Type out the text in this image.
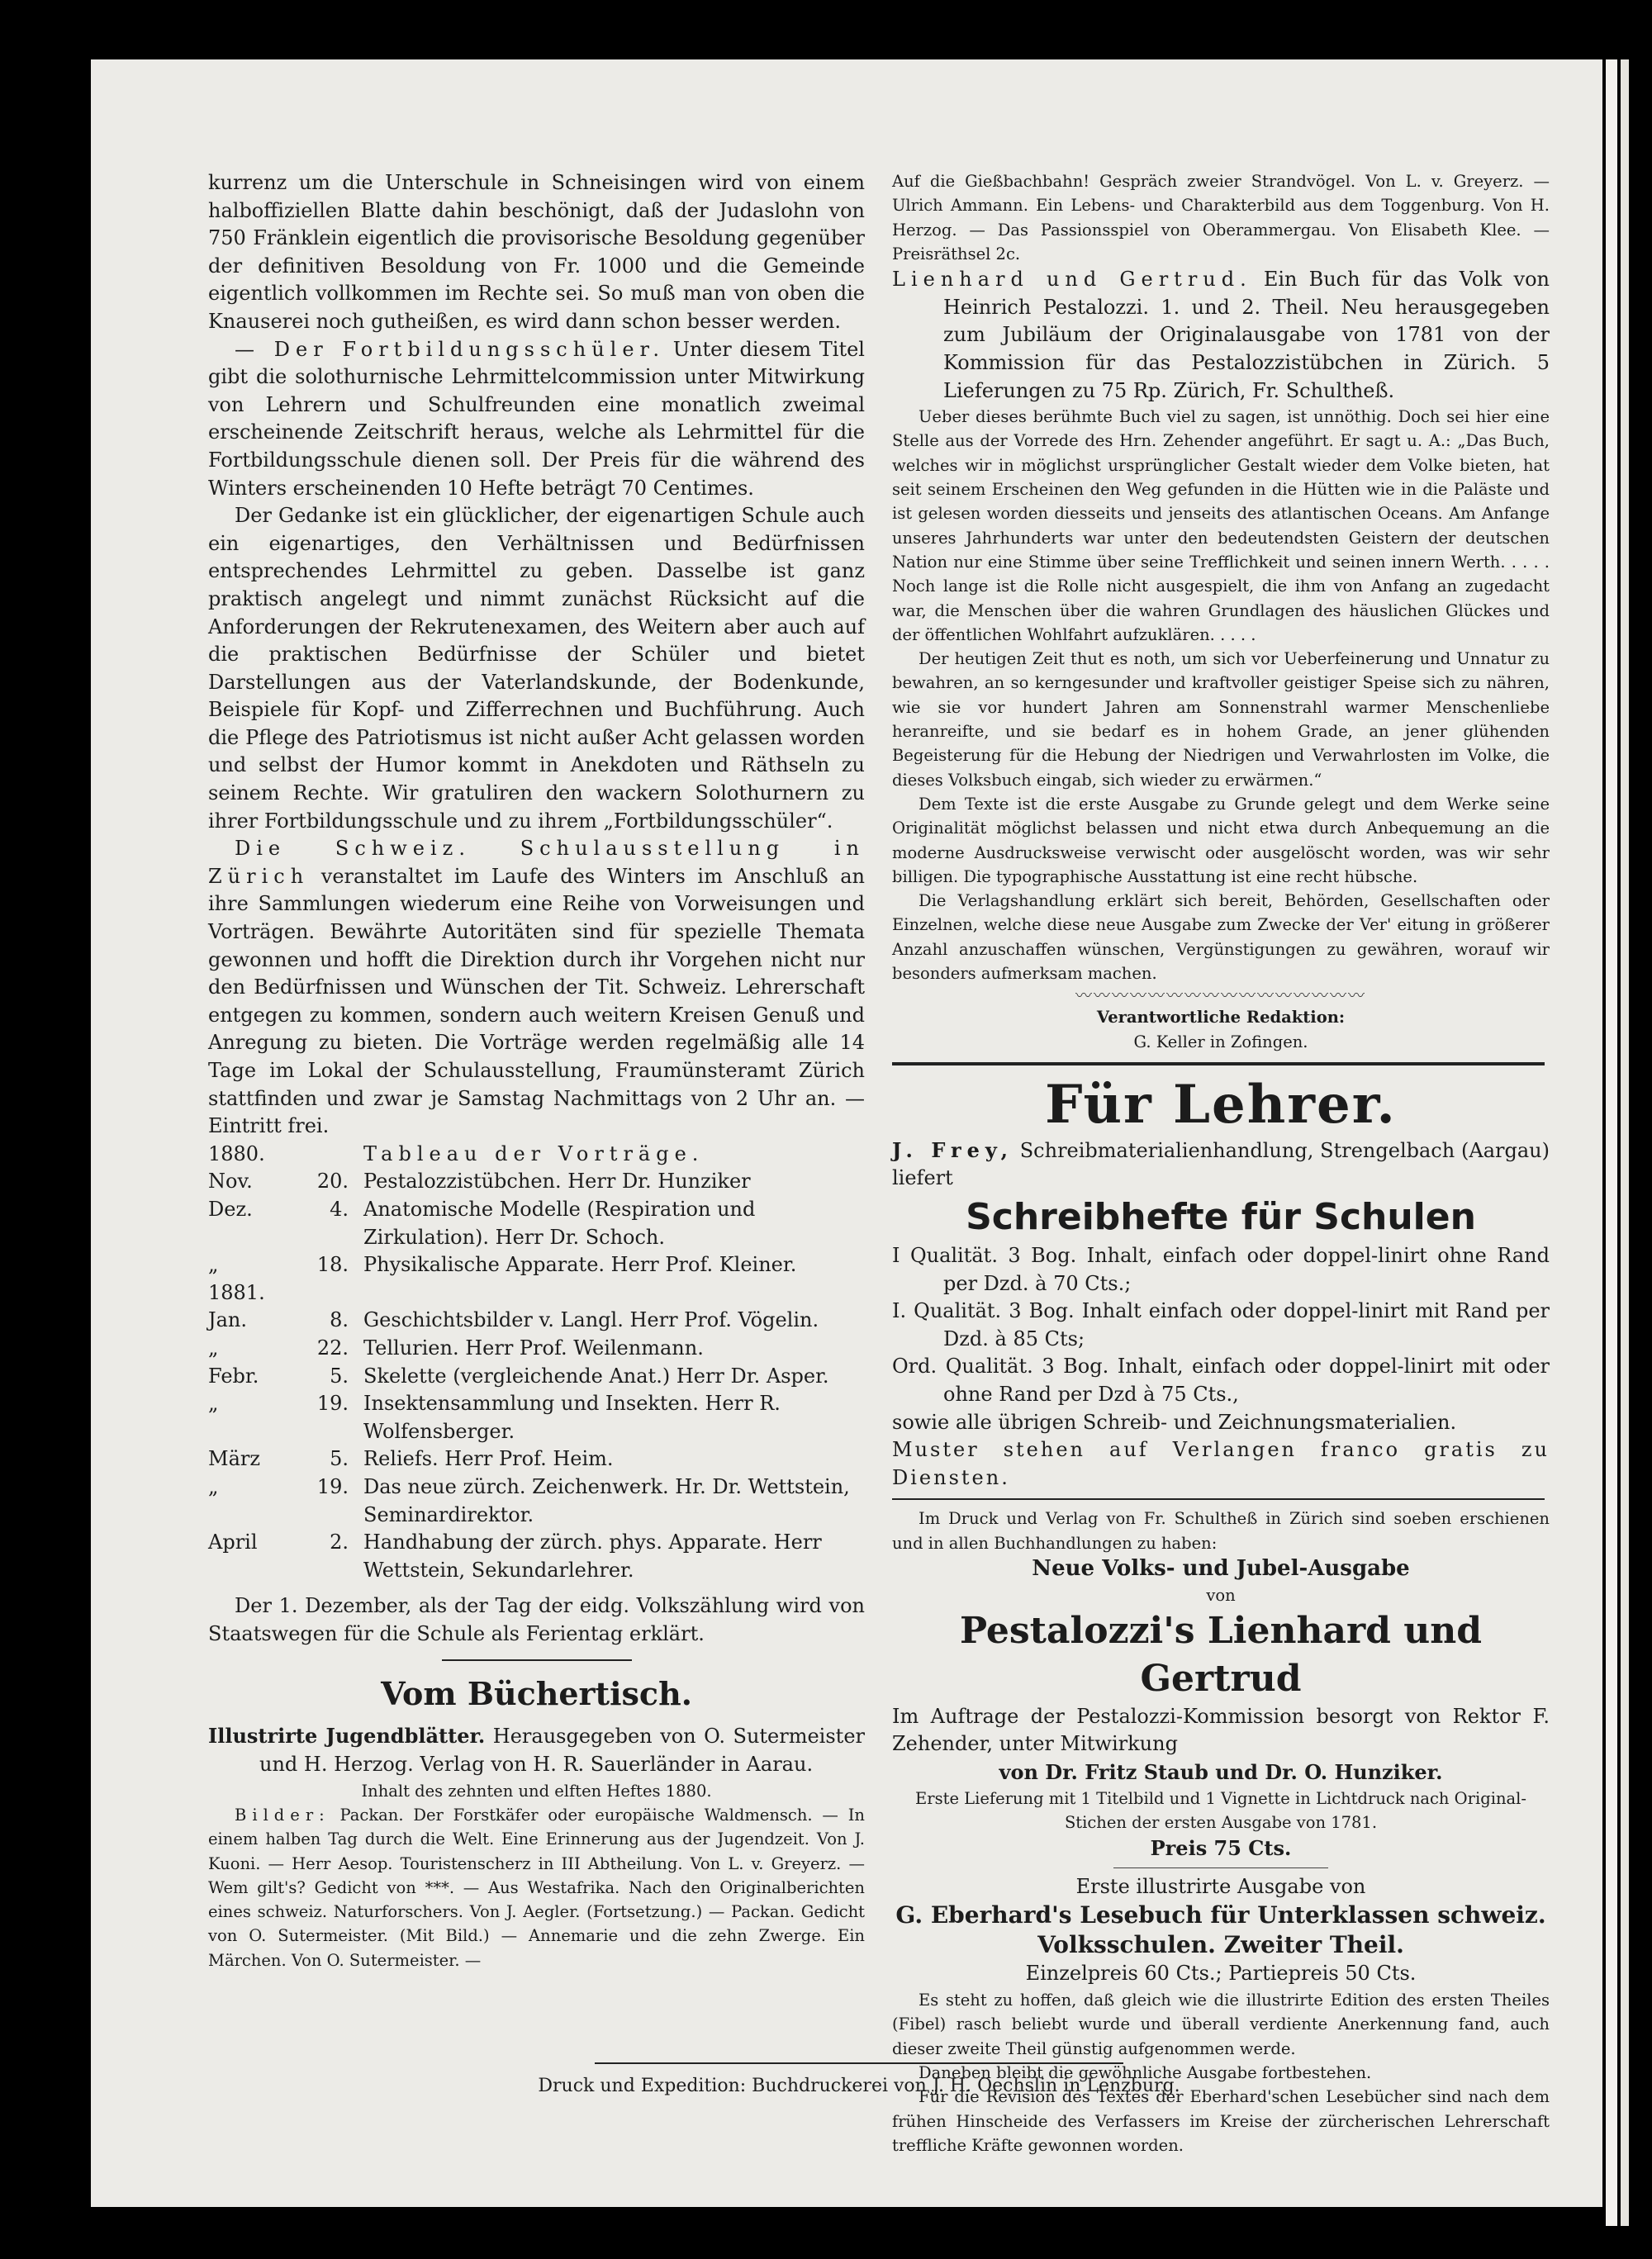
kurrenz um die Unterschule in Schneisingen wird von einem halboffiziellen Blatte dahin beschönigt, daß der Judaslohn von 750 Fränklein eigentlich die provisorische Besoldung gegenüber der definitiven Besoldung von Fr. 1000 und die Gemeinde eigentlich vollkommen im Rechte sei. So muß man von oben die Knauserei noch gutheißen, es wird dann schon besser werden.

— Der Fortbildungsschüler. Unter diesem Titel gibt die solothurnische Lehrmittelcommission unter Mitwirkung von Lehrern und Schulfreunden eine monatlich zweimal erscheinende Zeitschrift heraus, welche als Lehrmittel für die Fortbildungsschule dienen soll. Der Preis für die während des Winters erscheinenden 10 Hefte beträgt 70 Centimes.

Der Gedanke ist ein glücklicher, der eigenartigen Schule auch ein eigenartiges, den Verhältnissen und Bedürfnissen entsprechendes Lehrmittel zu geben. Dasselbe ist ganz praktisch angelegt und nimmt zunächst Rücksicht auf die Anforderungen der Rekrutenexamen, des Weitern aber auch auf die praktischen Bedürfnisse der Schüler und bietet Darstellungen aus der Vaterlandskunde, der Bodenkunde, Beispiele für Kopf- und Zifferrechnen und Buchführung. Auch die Pflege des Patriotismus ist nicht außer Acht gelassen worden und selbst der Humor kommt in Anekdoten und Räthseln zu seinem Rechte. Wir gratuliren den wackern Solothurnern zu ihrer Fortbildungsschule und zu ihrem „Fortbildungsschüler“.

Die Schweiz. Schulausstellung in Zürich veranstaltet im Laufe des Winters im Anschluß an ihre Sammlungen wiederum eine Reihe von Vorweisungen und Vorträgen. Bewährte Autoritäten sind für spezielle Themata gewonnen und hofft die Direktion durch ihr Vorgehen nicht nur den Bedürfnissen und Wünschen der Tit. Schweiz. Lehrerschaft entgegen zu kommen, sondern auch weitern Kreisen Genuß und Anregung zu bieten. Die Vorträge werden regelmäßig alle 14 Tage im Lokal der Schulausstellung, Fraumünsteramt Zürich stattfinden und zwar je Samstag Nachmittags von 2 Uhr an. — Eintritt frei.

1880.	Tableau der Vorträge.
Nov.	20. Pestalozzistübchen. Herr Dr. Hunziker
Dez.	4. Anatomische Modelle (Respiration und Zirkulation). Herr Dr. Schoch.
„	18. Physikalische Apparate. Herr Prof. Kleiner.
1881.
Jan.	8. Geschichtsbilder v. Langl. Herr Prof. Vögelin.
„	22. Tellurien. Herr Prof. Weilenmann.
Febr.	5. Skelette (vergleichende Anat.) Herr Dr. Asper.
„	19. Insektensammlung und Insekten. Herr R. Wolfensberger.
März	5. Reliefs. Herr Prof. Heim.
„	19. Das neue zürch. Zeichenwerk. Hr. Dr. Wettstein, Seminardirektor.
April	2. Handhabung der zürch. phys. Apparate. Herr Wettstein, Sekundarlehrer.

Der 1. Dezember, als der Tag der eidg. Volkszählung wird von Staatswegen für die Schule als Ferientag erklärt.

Vom Büchertisch.

Illustrirte Jugendblätter. Herausgegeben von O. Sutermeister und H. Herzog. Verlag von H. R. Sauerländer in Aarau.

Inhalt des zehnten und elften Heftes 1880.

Bilder: Packan. Der Forstkäfer oder europäische Waldmensch. — In einem halben Tag durch die Welt. Eine Erinnerung aus der Jugendzeit. Von J. Kuoni. — Herr Aesop. Touristenscherz in III Abtheilung. Von L. v. Greyerz. — Wem gilt's? Gedicht von ***. — Aus Westafrika. Nach den Originalberichten eines schweiz. Naturforschers. Von J. Aegler. (Fortsetzung.) — Packan. Gedicht von O. Sutermeister. (Mit Bild.) — Annemarie und die zehn Zwerge. Ein Märchen. Von O. Sutermeister. —

Auf die Gießbachbahn! Gespräch zweier Strandvögel. Von L. v. Greyerz. — Ulrich Ammann. Ein Lebens- und Charakterbild aus dem Toggenburg. Von H. Herzog. — Das Passionsspiel von Oberammergau. Von Elisabeth Klee. — Preisräthsel 2c.

Lienhard und Gertrud. Ein Buch für das Volk von Heinrich Pestalozzi. 1. und 2. Theil. Neu herausgegeben zum Jubiläum der Originalausgabe von 1781 von der Kommission für das Pestalozzistübchen in Zürich. 5 Lieferungen zu 75 Rp. Zürich, Fr. Schultheß.

Ueber dieses berühmte Buch viel zu sagen, ist unnöthig. Doch sei hier eine Stelle aus der Vorrede des Hrn. Zehender angeführt. Er sagt u. A.: „Das Buch, welches wir in möglichst ursprünglicher Gestalt wieder dem Volke bieten, hat seit seinem Erscheinen den Weg gefunden in die Hütten wie in die Paläste und ist gelesen worden diesseits und jenseits des atlantischen Oceans. Am Anfange unseres Jahrhunderts war unter den bedeutendsten Geistern der deutschen Nation nur eine Stimme über seine Trefflichkeit und seinen innern Werth. . . . . Noch lange ist die Rolle nicht ausgespielt, die ihm von Anfang an zugedacht war, die Menschen über die wahren Grundlagen des häuslichen Glückes und der öffentlichen Wohlfahrt aufzuklären. . . . .

Der heutigen Zeit thut es noth, um sich vor Ueberfeinerung und Unnatur zu bewahren, an so kerngesunder und kraftvoller geistiger Speise sich zu nähren, wie sie vor hundert Jahren am Sonnenstrahl warmer Menschenliebe heranreifte, und sie bedarf es in hohem Grade, an jener glühenden Begeisterung für die Hebung der Niedrigen und Verwahrlosten im Volke, die dieses Volksbuch eingab, sich wieder zu erwärmen.“

Dem Texte ist die erste Ausgabe zu Grunde gelegt und dem Werke seine Originalität möglichst belassen und nicht etwa durch Anbequemung an die moderne Ausdrucksweise verwischt oder ausgelöscht worden, was wir sehr billigen. Die typographische Ausstattung ist eine recht hübsche.

Die Verlagshandlung erklärt sich bereit, Behörden, Gesellschaften oder Einzelnen, welche diese neue Ausgabe zum Zwecke der Ver' eitung in größerer Anzahl anzuschaffen wünschen, Vergünstigungen zu gewähren, worauf wir besonders aufmerksam machen.

〰〰〰〰〰〰〰〰〰〰〰〰〰〰〰〰

Verantwortliche Redaktion:

G. Keller in Zofingen.

Für Lehrer.

J. Frey, Schreibmaterialienhandlung, Strengelbach (Aargau) liefert

Schreibhefte für Schulen

I Qualität. 3 Bog. Inhalt, einfach oder doppel-linirt ohne Rand per Dzd. à 70 Cts.;

I. Qualität. 3 Bog. Inhalt einfach oder doppel-linirt mit Rand per Dzd. à 85 Cts;

Ord. Qualität. 3 Bog. Inhalt, einfach oder doppel-linirt mit oder ohne Rand per Dzd à 75 Cts.,

sowie alle übrigen Schreib- und Zeichnungsmaterialien.

Muster stehen auf Verlangen franco gratis zu Diensten.

Im Druck und Verlag von Fr. Schultheß in Zürich sind soeben erschienen und in allen Buchhandlungen zu haben:

Neue Volks- und Jubel-Ausgabe

von

Pestalozzi's Lienhard und Gertrud

Im Auftrage der Pestalozzi-Kommission besorgt von Rektor F. Zehender, unter Mitwirkung

von Dr. Fritz Staub und Dr. O. Hunziker.

Erste Lieferung mit 1 Titelbild und 1 Vignette in Lichtdruck nach Original-Stichen der ersten Ausgabe von 1781.

Preis 75 Cts.

Erste illustrirte Ausgabe von

G. Eberhard's Lesebuch für Unterklassen schweiz. Volksschulen. Zweiter Theil.

Einzelpreis 60 Cts.; Partiepreis 50 Cts.

Es steht zu hoffen, daß gleich wie die illustrirte Edition des ersten Theiles (Fibel) rasch beliebt wurde und überall verdiente Anerkennung fand, auch dieser zweite Theil günstig aufgenommen werde.

Daneben bleibt die gewöhnliche Ausgabe fortbestehen.

Für die Revision des Textes der Eberhard'schen Lesebücher sind nach dem frühen Hinscheide des Verfassers im Kreise der zürcherischen Lehrerschaft treffliche Kräfte gewonnen worden.

Druck und Expedition: Buchdruckerei von J. H. Oechslin in Lenzburg.
